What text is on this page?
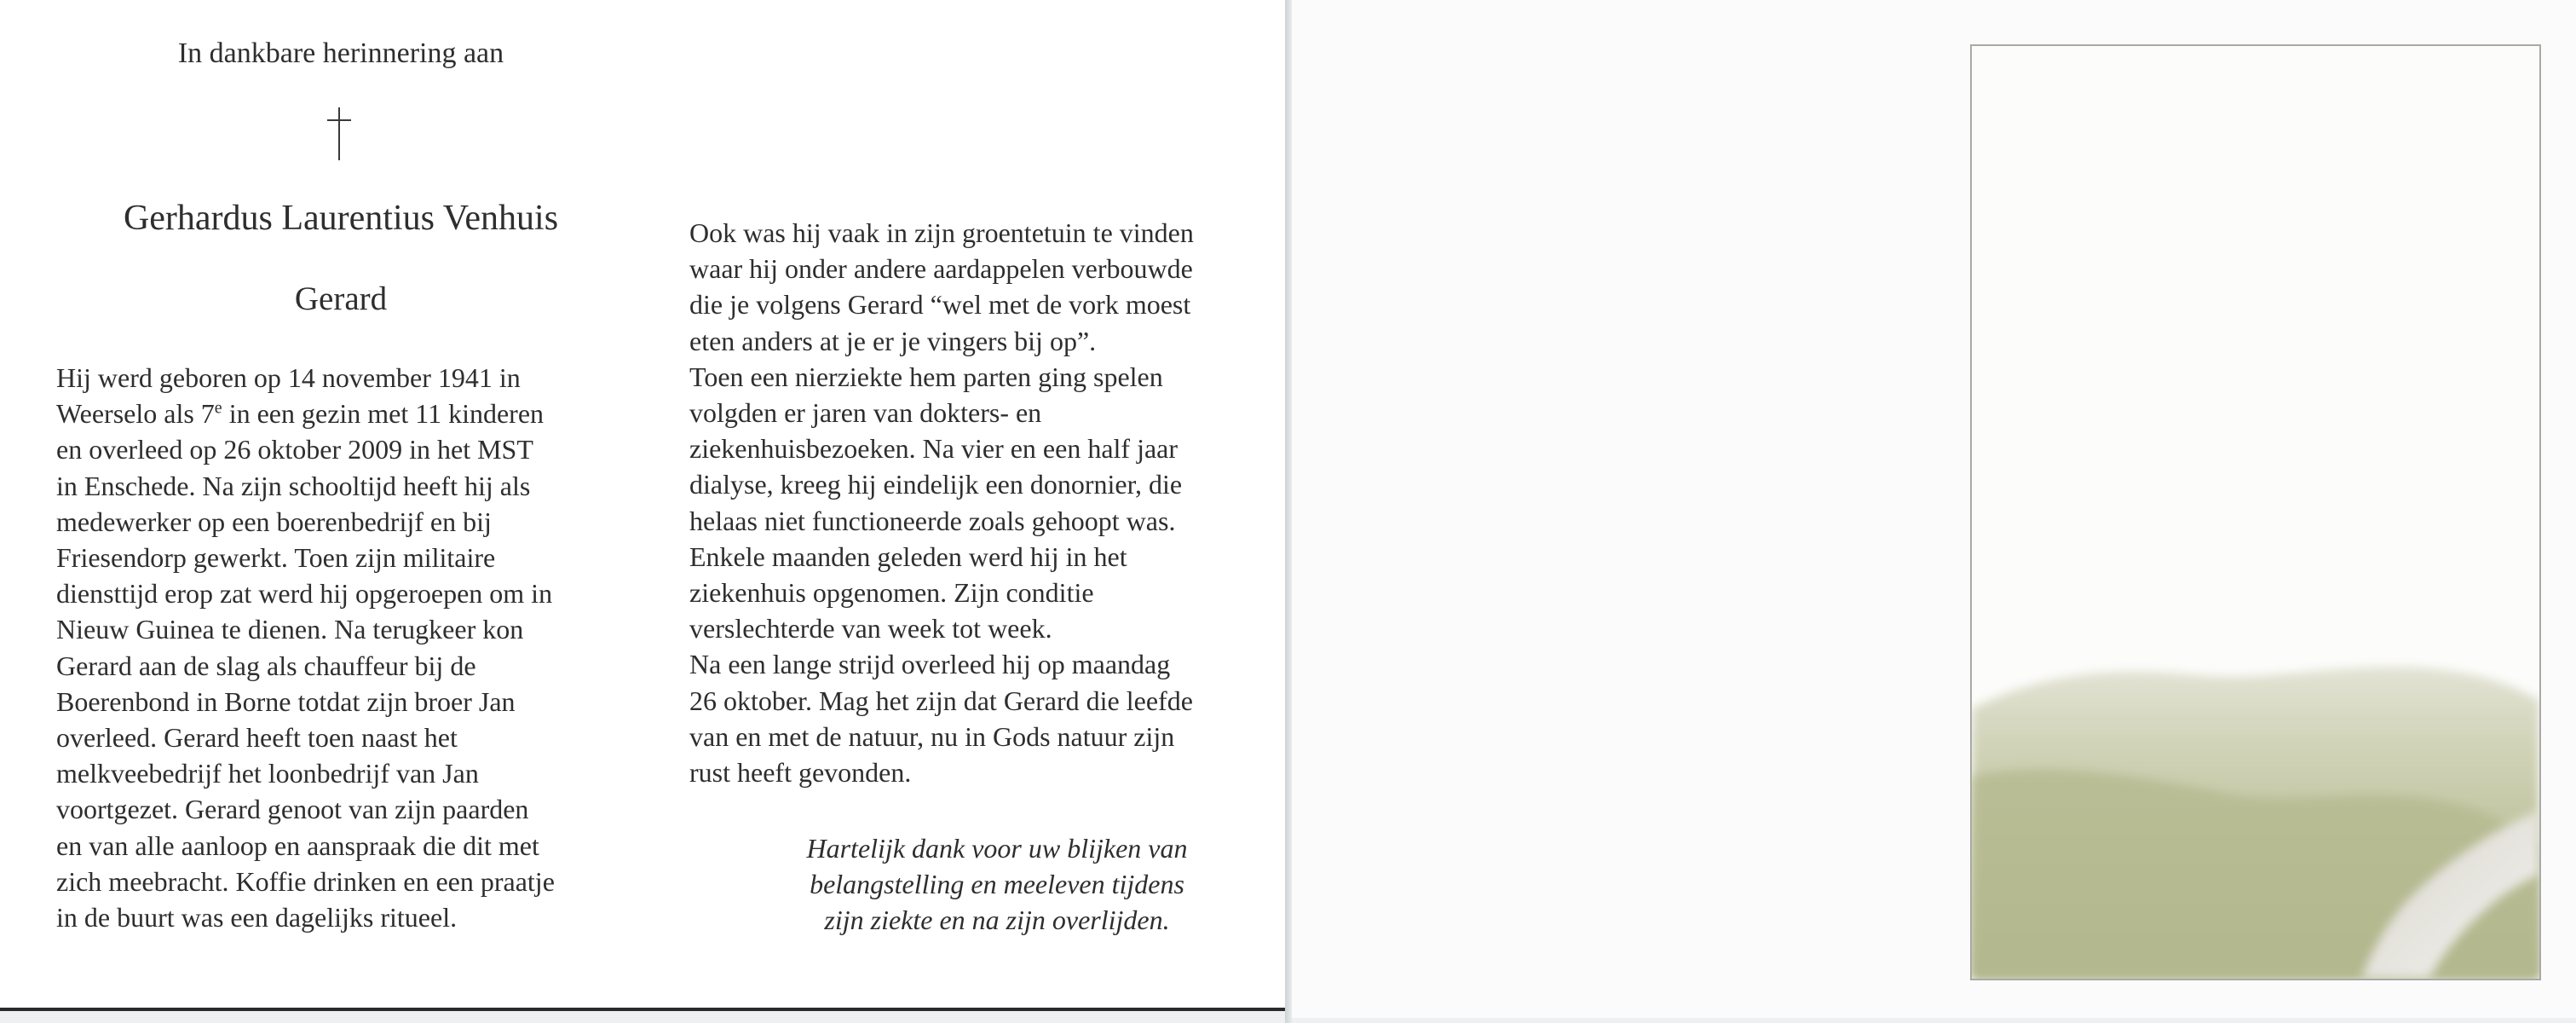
In dankbare herinnering aan
Gerhardus Laurentius Venhuis
Gerard
Hij werd geboren op 14 november 1941 in
Weerselo als 7e in een gezin met 11 kinderen
en overleed op 26 oktober 2009 in het MST
in Enschede. Na zijn schooltijd heeft hij als
medewerker op een boerenbedrijf en bij
Friesendorp gewerkt. Toen zijn militaire
diensttijd erop zat werd hij opgeroepen om in
Nieuw Guinea te dienen. Na terugkeer kon
Gerard aan de slag als chauffeur bij de
Boerenbond in Borne totdat zijn broer Jan
overleed. Gerard heeft toen naast het
melkveebedrijf het loonbedrijf van Jan
voortgezet. Gerard genoot van zijn paarden
en van alle aanloop en aanspraak die dit met
zich meebracht. Koffie drinken en een praatje
in de buurt was een dagelijks ritueel.
Ook was hij vaak in zijn groentetuin te vinden
waar hij onder andere aardappelen verbouwde
die je volgens Gerard “wel met de vork moest
eten anders at je er je vingers bij op”.
Toen een nierziekte hem parten ging spelen
volgden er jaren van dokters- en
ziekenhuisbezoeken. Na vier en een half jaar
dialyse, kreeg hij eindelijk een donornier, die
helaas niet functioneerde zoals gehoopt was.
Enkele maanden geleden werd hij in het
ziekenhuis opgenomen. Zijn conditie
verslechterde van week tot week.
Na een lange strijd overleed hij op maandag
26 oktober. Mag het zijn dat Gerard die leefde
van en met de natuur, nu in Gods natuur zijn
rust heeft gevonden.
Hartelijk dank voor uw blijken van
belangstelling en meeleven tijdens
zijn ziekte en na zijn overlijden.
